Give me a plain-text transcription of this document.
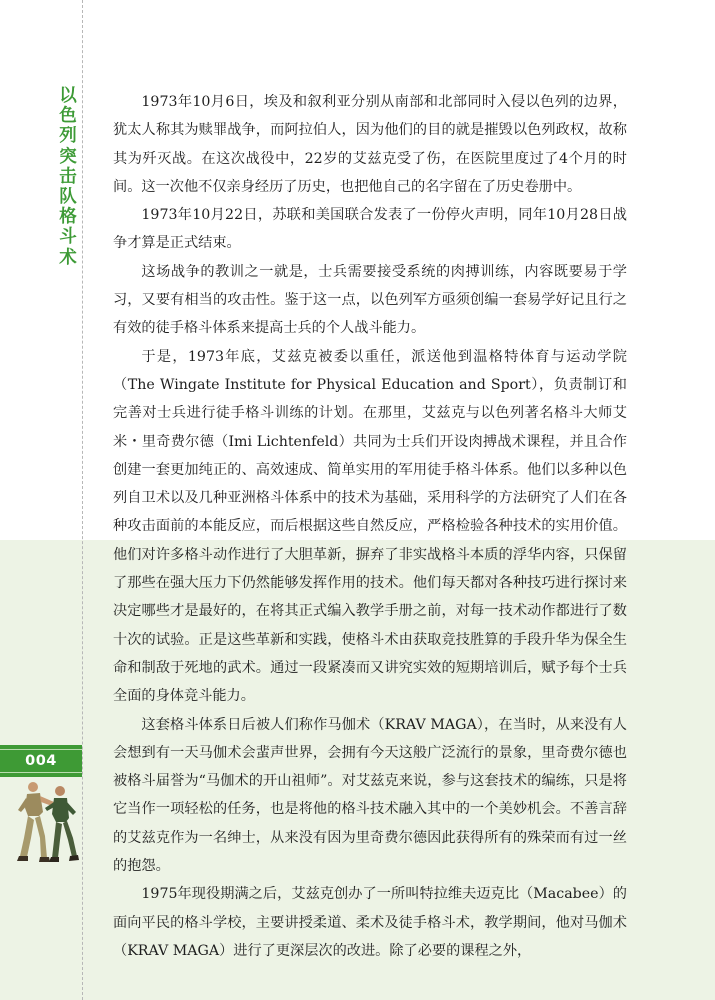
以
色
列
突
击
队
格
斗
术
004

1973年10月6日，埃及和叙利亚分别从南部和北部同时入侵以色列的边界，犹太人称其为赎罪战争，而阿拉伯人，因为他们的目的就是摧毁以色列政权，故称其为歼灭战。在这次战役中，22岁的艾兹克受了伤，在医院里度过了4个月的时间。这一次他不仅亲身经历了历史，也把他自己的名字留在了历史卷册中。

1973年10月22日，苏联和美国联合发表了一份停火声明，同年10月28日战争才算是正式结束。

这场战争的教训之一就是，士兵需要接受系统的肉搏训练，内容既要易于学习，又要有相当的攻击性。鉴于这一点，以色列军方亟须创编一套易学好记且行之有效的徒手格斗体系来提高士兵的个人战斗能力。

于是，1973年底，艾兹克被委以重任，派送他到温格特体育与运动学院（The Wingate Institute for Physical Education and Sport），负责制订和完善对士兵进行徒手格斗训练的计划。在那里，艾兹克与以色列著名格斗大师艾米・里奇费尔德（Imi Lichtenfeld）共同为士兵们开设肉搏战术课程，并且合作创建一套更加纯正的、高效速成、简单实用的军用徒手格斗体系。他们以多种以色列自卫术以及几种亚洲格斗体系中的技术为基础，采用科学的方法研究了人们在各种攻击面前的本能反应，而后根据这些自然反应，严格检验各种技术的实用价值。他们对许多格斗动作进行了大胆革新，摒弃了非实战格斗本质的浮华内容，只保留了那些在强大压力下仍然能够发挥作用的技术。他们每天都对各种技巧进行探讨来决定哪些才是最好的，在将其正式编入教学手册之前，对每一技术动作都进行了数十次的试验。正是这些革新和实践，使格斗术由获取竞技胜算的手段升华为保全生命和制敌于死地的武术。通过一段紧凑而又讲究实效的短期培训后，赋予每个士兵全面的身体竞斗能力。

这套格斗体系日后被人们称作马伽术（KRAV MAGA），在当时，从来没有人会想到有一天马伽术会蜚声世界，会拥有今天这般广泛流行的景象，里奇费尔德也被格斗届誉为“马伽术的开山祖师”。对艾兹克来说，参与这套技术的编练，只是将它当作一项轻松的任务，也是将他的格斗技术融入其中的一个美妙机会。不善言辞的艾兹克作为一名绅士，从来没有因为里奇费尔德因此获得所有的殊荣而有过一丝的抱怨。

1975年现役期满之后，艾兹克创办了一所叫特拉维夫迈克比（Macabee）的面向平民的格斗学校，主要讲授柔道、柔术及徒手格斗术，教学期间，他对马伽术（KRAV MAGA）进行了更深层次的改进。除了必要的课程之外，
